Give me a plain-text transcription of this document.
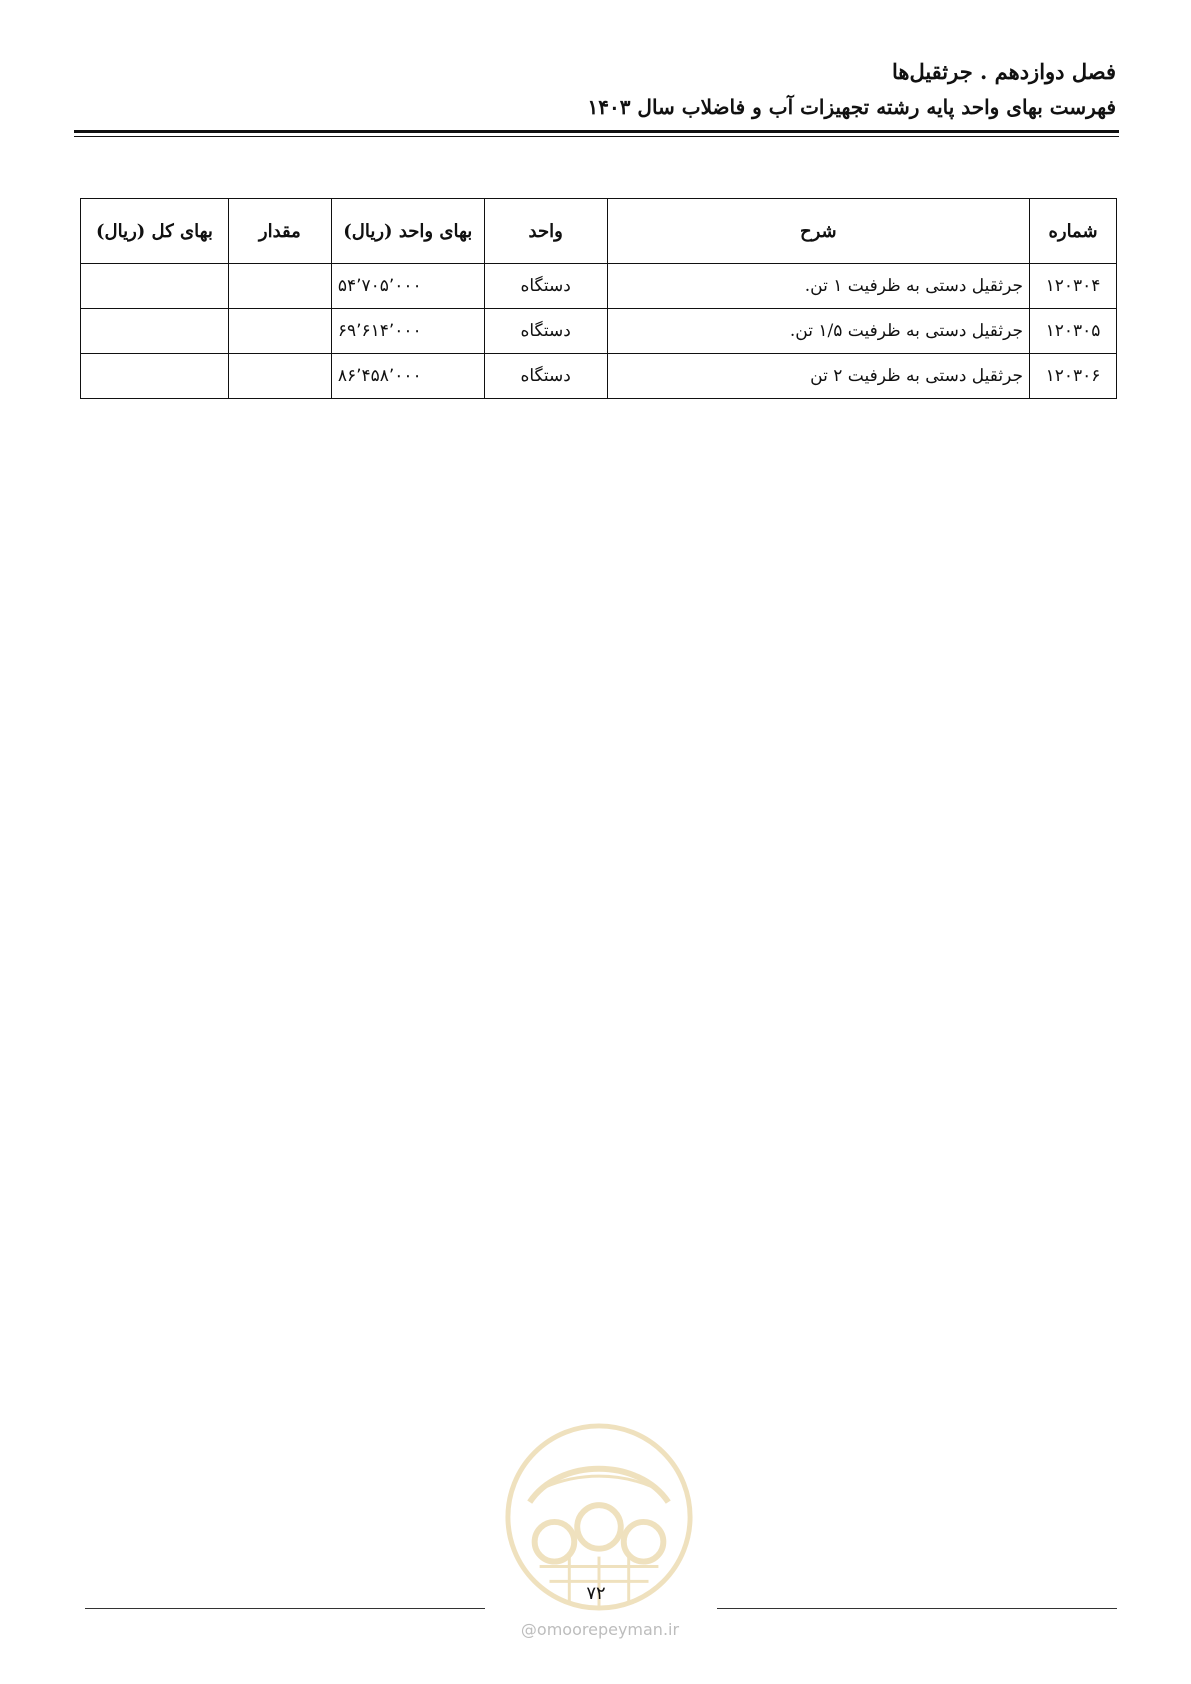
فصل دوازدهم . جرثقیل‌ها
فهرست بهای واحد پایه رشته تجهیزات آب و فاضلاب سال ۱۴۰۳
شماره	شرح	واحد	بهای واحد (ریال)	مقدار	بهای کل (ریال)
۱۲۰۳۰۴	جرثقیل دستی به ظرفیت ۱ تن.	دستگاه	۵۴٬۷۰۵٬۰۰۰		
۱۲۰۳۰۵	جرثقیل دستی به ظرفیت ۱/۵ تن.	دستگاه	۶۹٬۶۱۴٬۰۰۰		
۱۲۰۳۰۶	جرثقیل دستی به ظرفیت ۲ تن	دستگاه	۸۶٬۴۵۸٬۰۰۰		
۷۲
@omoorepeyman.ir
